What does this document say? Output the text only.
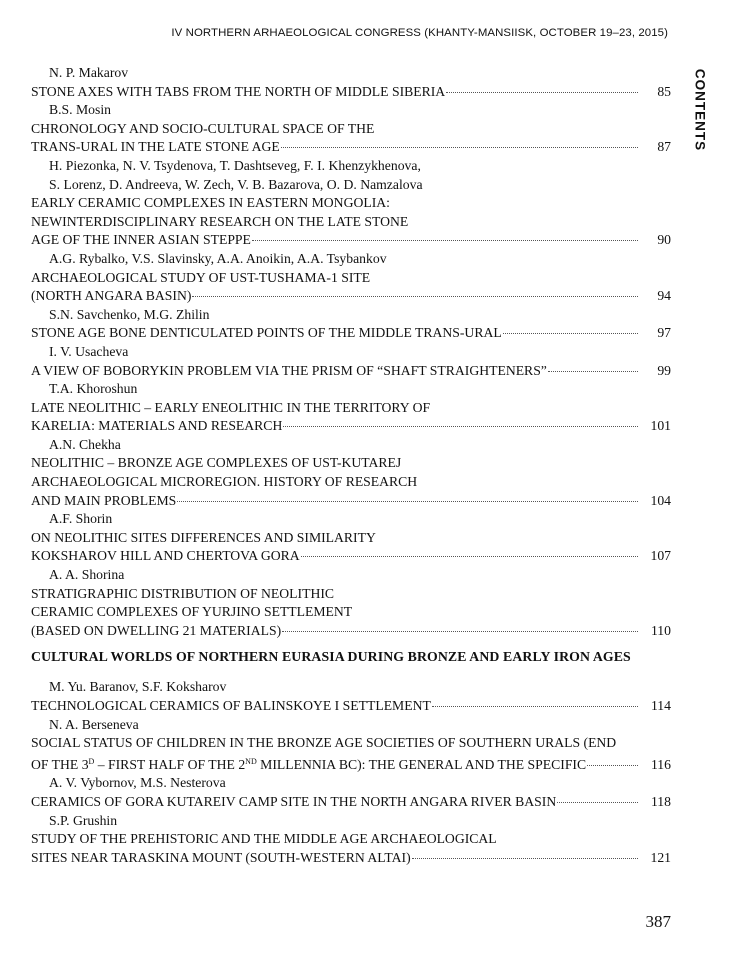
IV NORTHERN ARHAEOLOGICAL CONGRESS (KHANTY-MANSIISK, OCTOBER 19–23, 2015)
CONTENTS
N. P. Makarov
STONE AXES WITH TABS FROM THE NORTH OF MIDDLE SIBERIA	85
B.S. Mosin
CHRONOLOGY AND SOCIO-CULTURAL SPACE OF THE
TRANS-URAL IN THE LATE STONE AGE	87
H. Piezonka, N. V. Tsydenova, T. Dashtseveg, F. I. Khenzykhenova,
S. Lorenz, D. Andreeva, W. Zech, V. B. Bazarova, O. D. Namzalova
EARLY CERAMIC COMPLEXES IN EASTERN MONGOLIA:
NEWINTERDISCIPLINARY RESEARCH ON THE LATE STONE
AGE OF THE INNER ASIAN STEPPE	90
A.G. Rybalko, V.S. Slavinsky, A.A. Anoikin, A.A. Tsybankov
ARCHAEOLOGICAL STUDY OF UST-TUSHAMA-1 SITE
(NORTH ANGARA BASIN)	94
S.N. Savchenko, M.G. Zhilin
STONE AGE BONE DENTICULATED POINTS OF THE MIDDLE TRANS-URAL	97
I. V. Usacheva
A VIEW OF BOBORYKIN PROBLEM VIA THE PRISM OF “SHAFT STRAIGHTENERS”	99
T.A. Khoroshun
LATE NEOLITHIC – EARLY ENEOLITHIC IN THE TERRITORY OF
KARELIA: MATERIALS AND RESEARCH	101
A.N. Chekha
NEOLITHIC – BRONZE AGE COMPLEXES OF UST-KUTAREJ
ARCHAEOLOGICAL MICROREGION. HISTORY OF RESEARCH
AND MAIN PROBLEMS	104
A.F. Shorin
ON NEOLITHIC SITES DIFFERENCES AND SIMILARITY
KOKSHAROV HILL AND CHERTOVA GORA	107
A. A. Shorina
STRATIGRAPHIC DISTRIBUTION OF NEOLITHIC
CERAMIC COMPLEXES OF YURJINO SETTLEMENT
(BASED ON DWELLING 21 MATERIALS)	110
CULTURAL WORLDS OF NORTHERN EURASIA DURING BRONZE AND EARLY IRON AGES
M. Yu. Baranov, S.F. Koksharov
TECHNOLOGICAL CERAMICS OF BALINSKOYE I SETTLEMENT	114
N. A. Berseneva
SOCIAL STATUS OF CHILDREN IN THE BRONZE AGE SOCIETIES OF SOUTHERN URALS (END
OF THE $3^D$ – FIRST HALF OF THE 2ND MILLENNIA BC): THE GENERAL AND THE SPECIFIC	116
A. V. Vybornov, M.S. Nesterova
CERAMICS OF GORA KUTAREIV CAMP SITE IN THE NORTH ANGARA RIVER BASIN	118
S.P. Grushin
STUDY OF THE PREHISTORIC AND THE MIDDLE AGE ARCHAEOLOGICAL
SITES NEAR TARASKINA MOUNT (SOUTH-WESTERN ALTAI)	121
387
